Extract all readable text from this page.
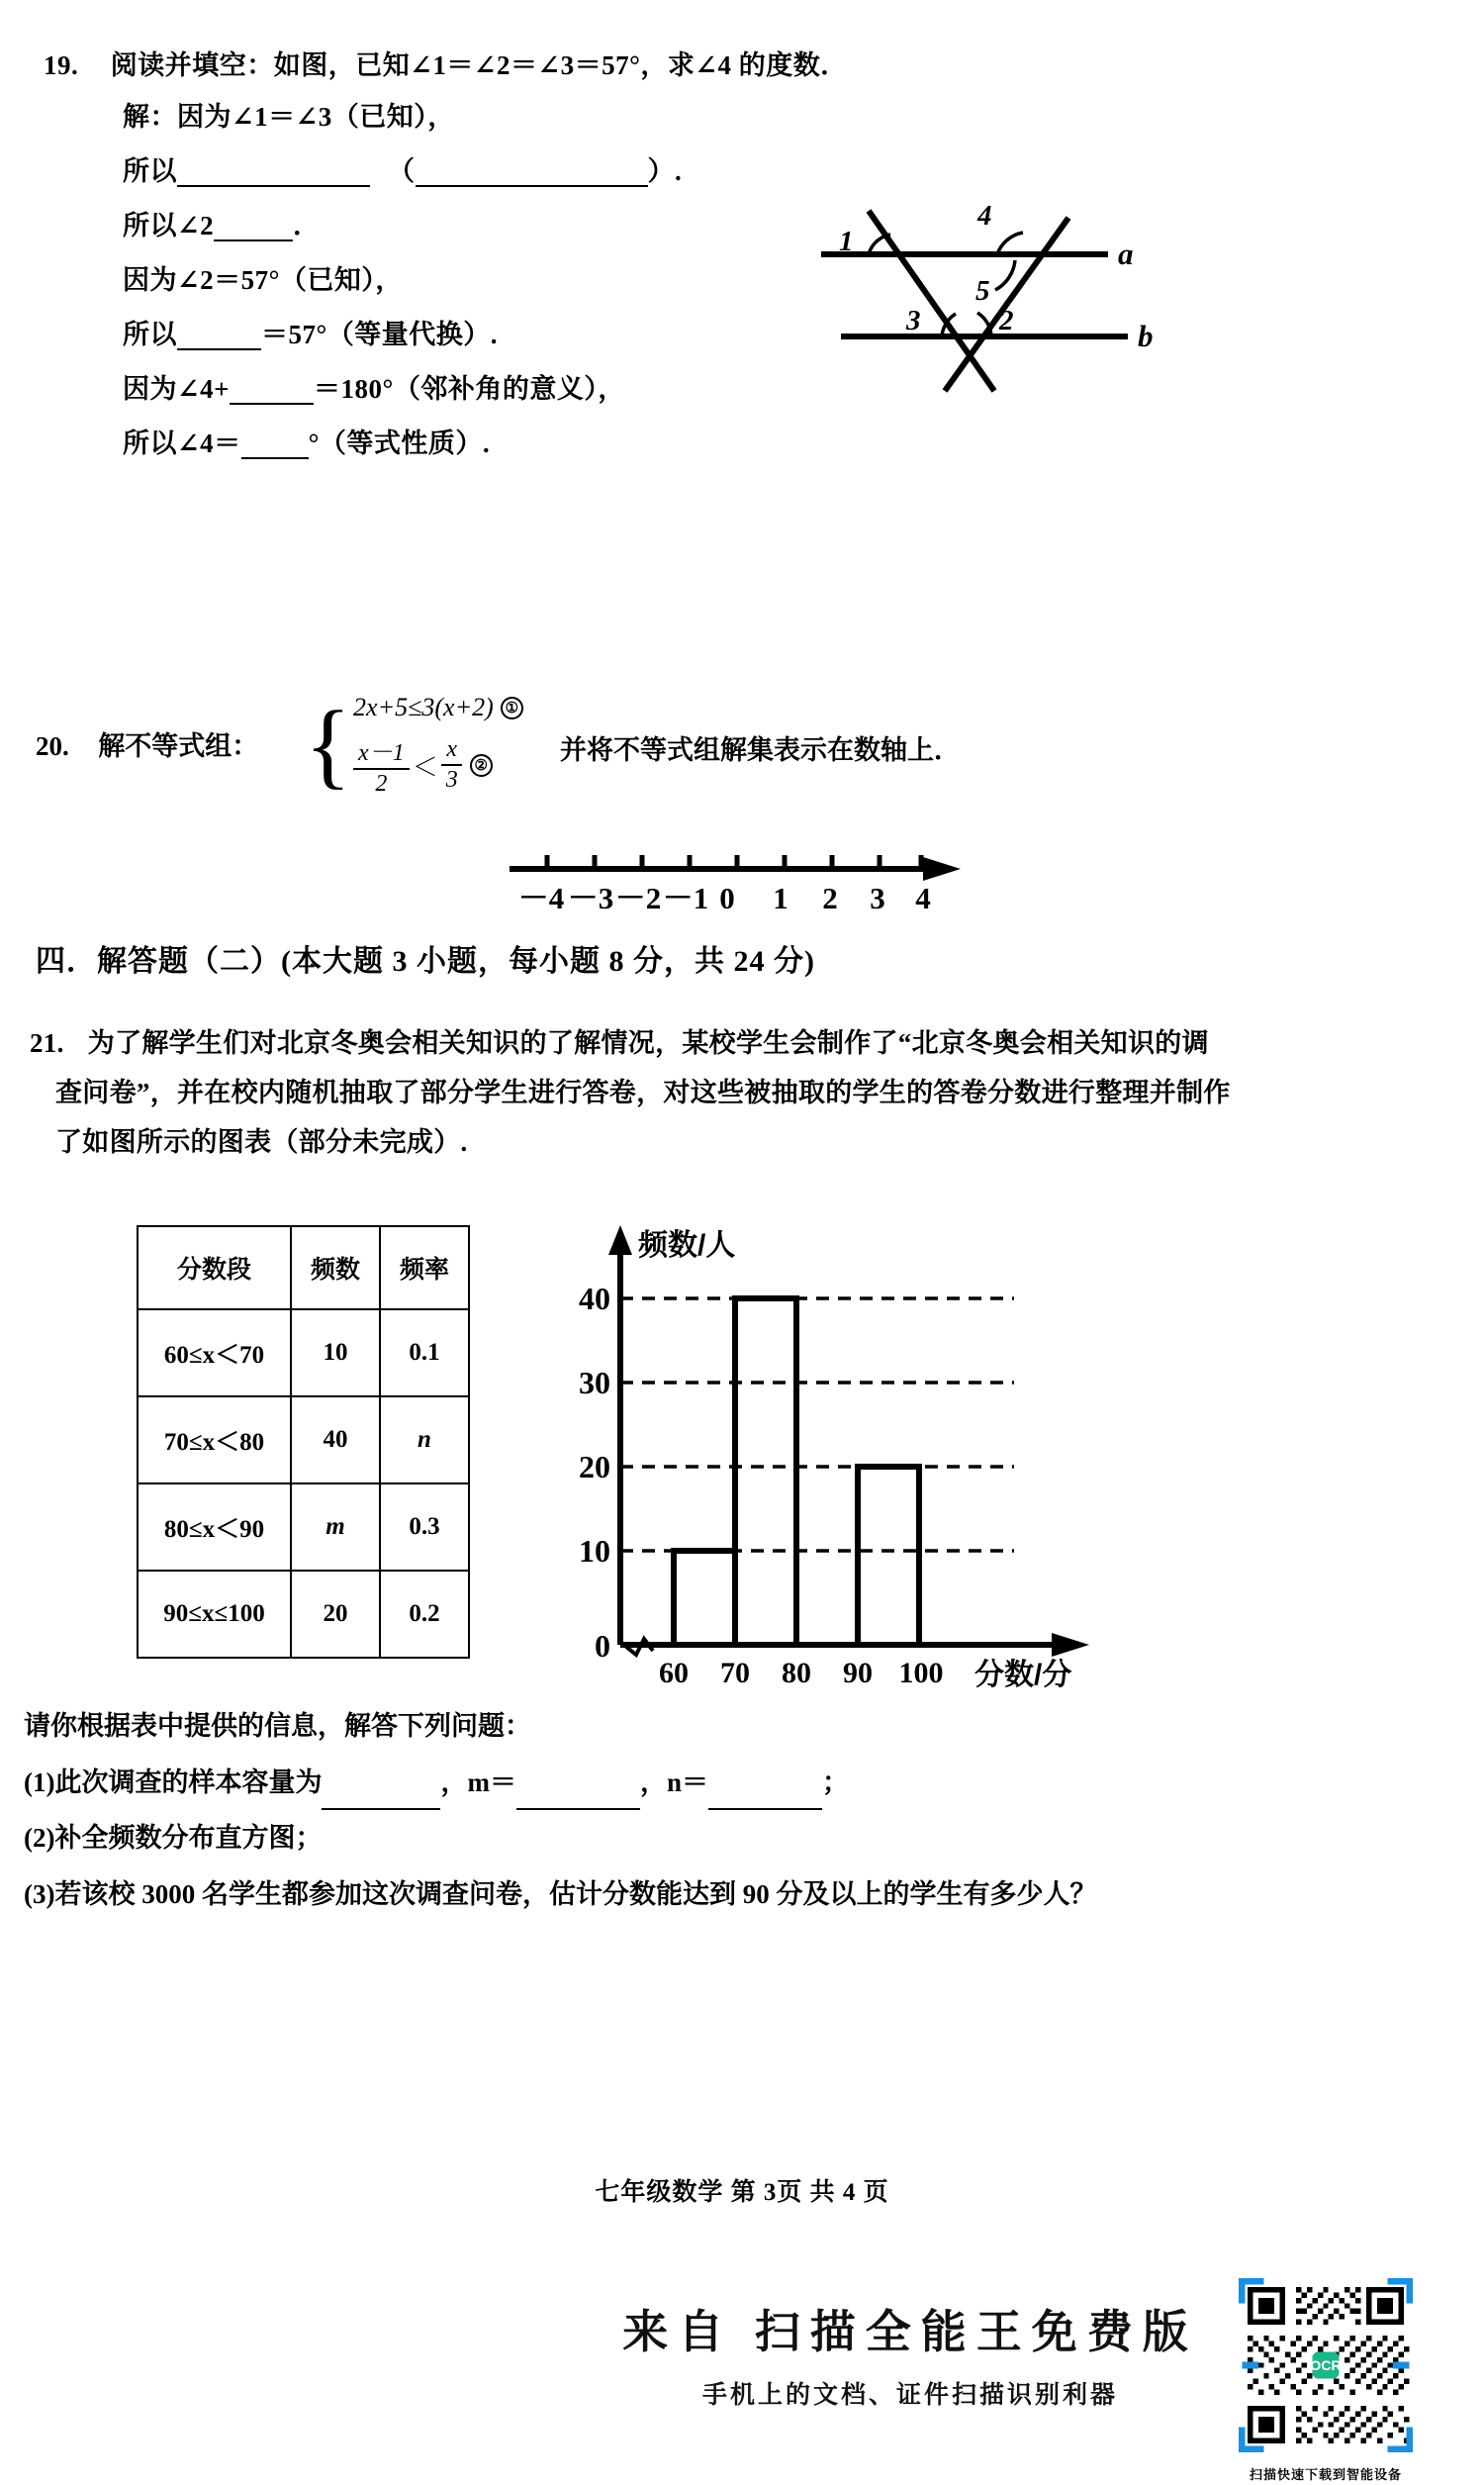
19. 阅读并填空：如图，已知∠1＝∠2＝∠3＝57°，求∠4 的度数．
解：因为∠1＝∠3（已知），
所以	（	）.
所以∠2	．
因为∠2＝57°（已知），
所以	＝57°（等量代换）.
因为∠4+	＝180°（邻补角的意义），
所以∠4＝	°（等式性质）.
1
4
5
3	2
a
b
20. 解不等式组： { 2x+5≤3(x+2) ①
$\frac{x-1}{2} < \frac{x}{3}$ ②
并将不等式组解集表示在数轴上．
－4 －3 －2 －1 0 1 2 3 4
四．解答题（二）(本大题 3 小题，每小题 8 分，共 24 分)
21. 为了解学生们对北京冬奥会相关知识的了解情况，某校学生会制作了“北京冬奥会相关知识的调
查问卷”，并在校内随机抽取了部分学生进行答卷，对这些被抽取的学生的答卷分数进行整理并制作
了如图所示的图表（部分未完成）.
分数段	频数	频率
60≤x＜70	10	0.1
70≤x＜80	40	n
80≤x＜90	m	0.3
90≤x≤100	20	0.2
0
10
20
30
40
60 70 80 90 100
频数/人
分数/分
请你根据表中提供的信息，解答下列问题：
(1)此次调查的样本容量为	，m＝	，n＝	；
(2)补全频数分布直方图；
(3)若该校 3000 名学生都参加这次调查问卷，估计分数能达到 90 分及以上的学生有多少人？
七年级数学 第 3页 共 4 页
来自 扫描全能王免费版
手机上的文档、证件扫描识别利器
OCR
扫描快速下载到智能设备
